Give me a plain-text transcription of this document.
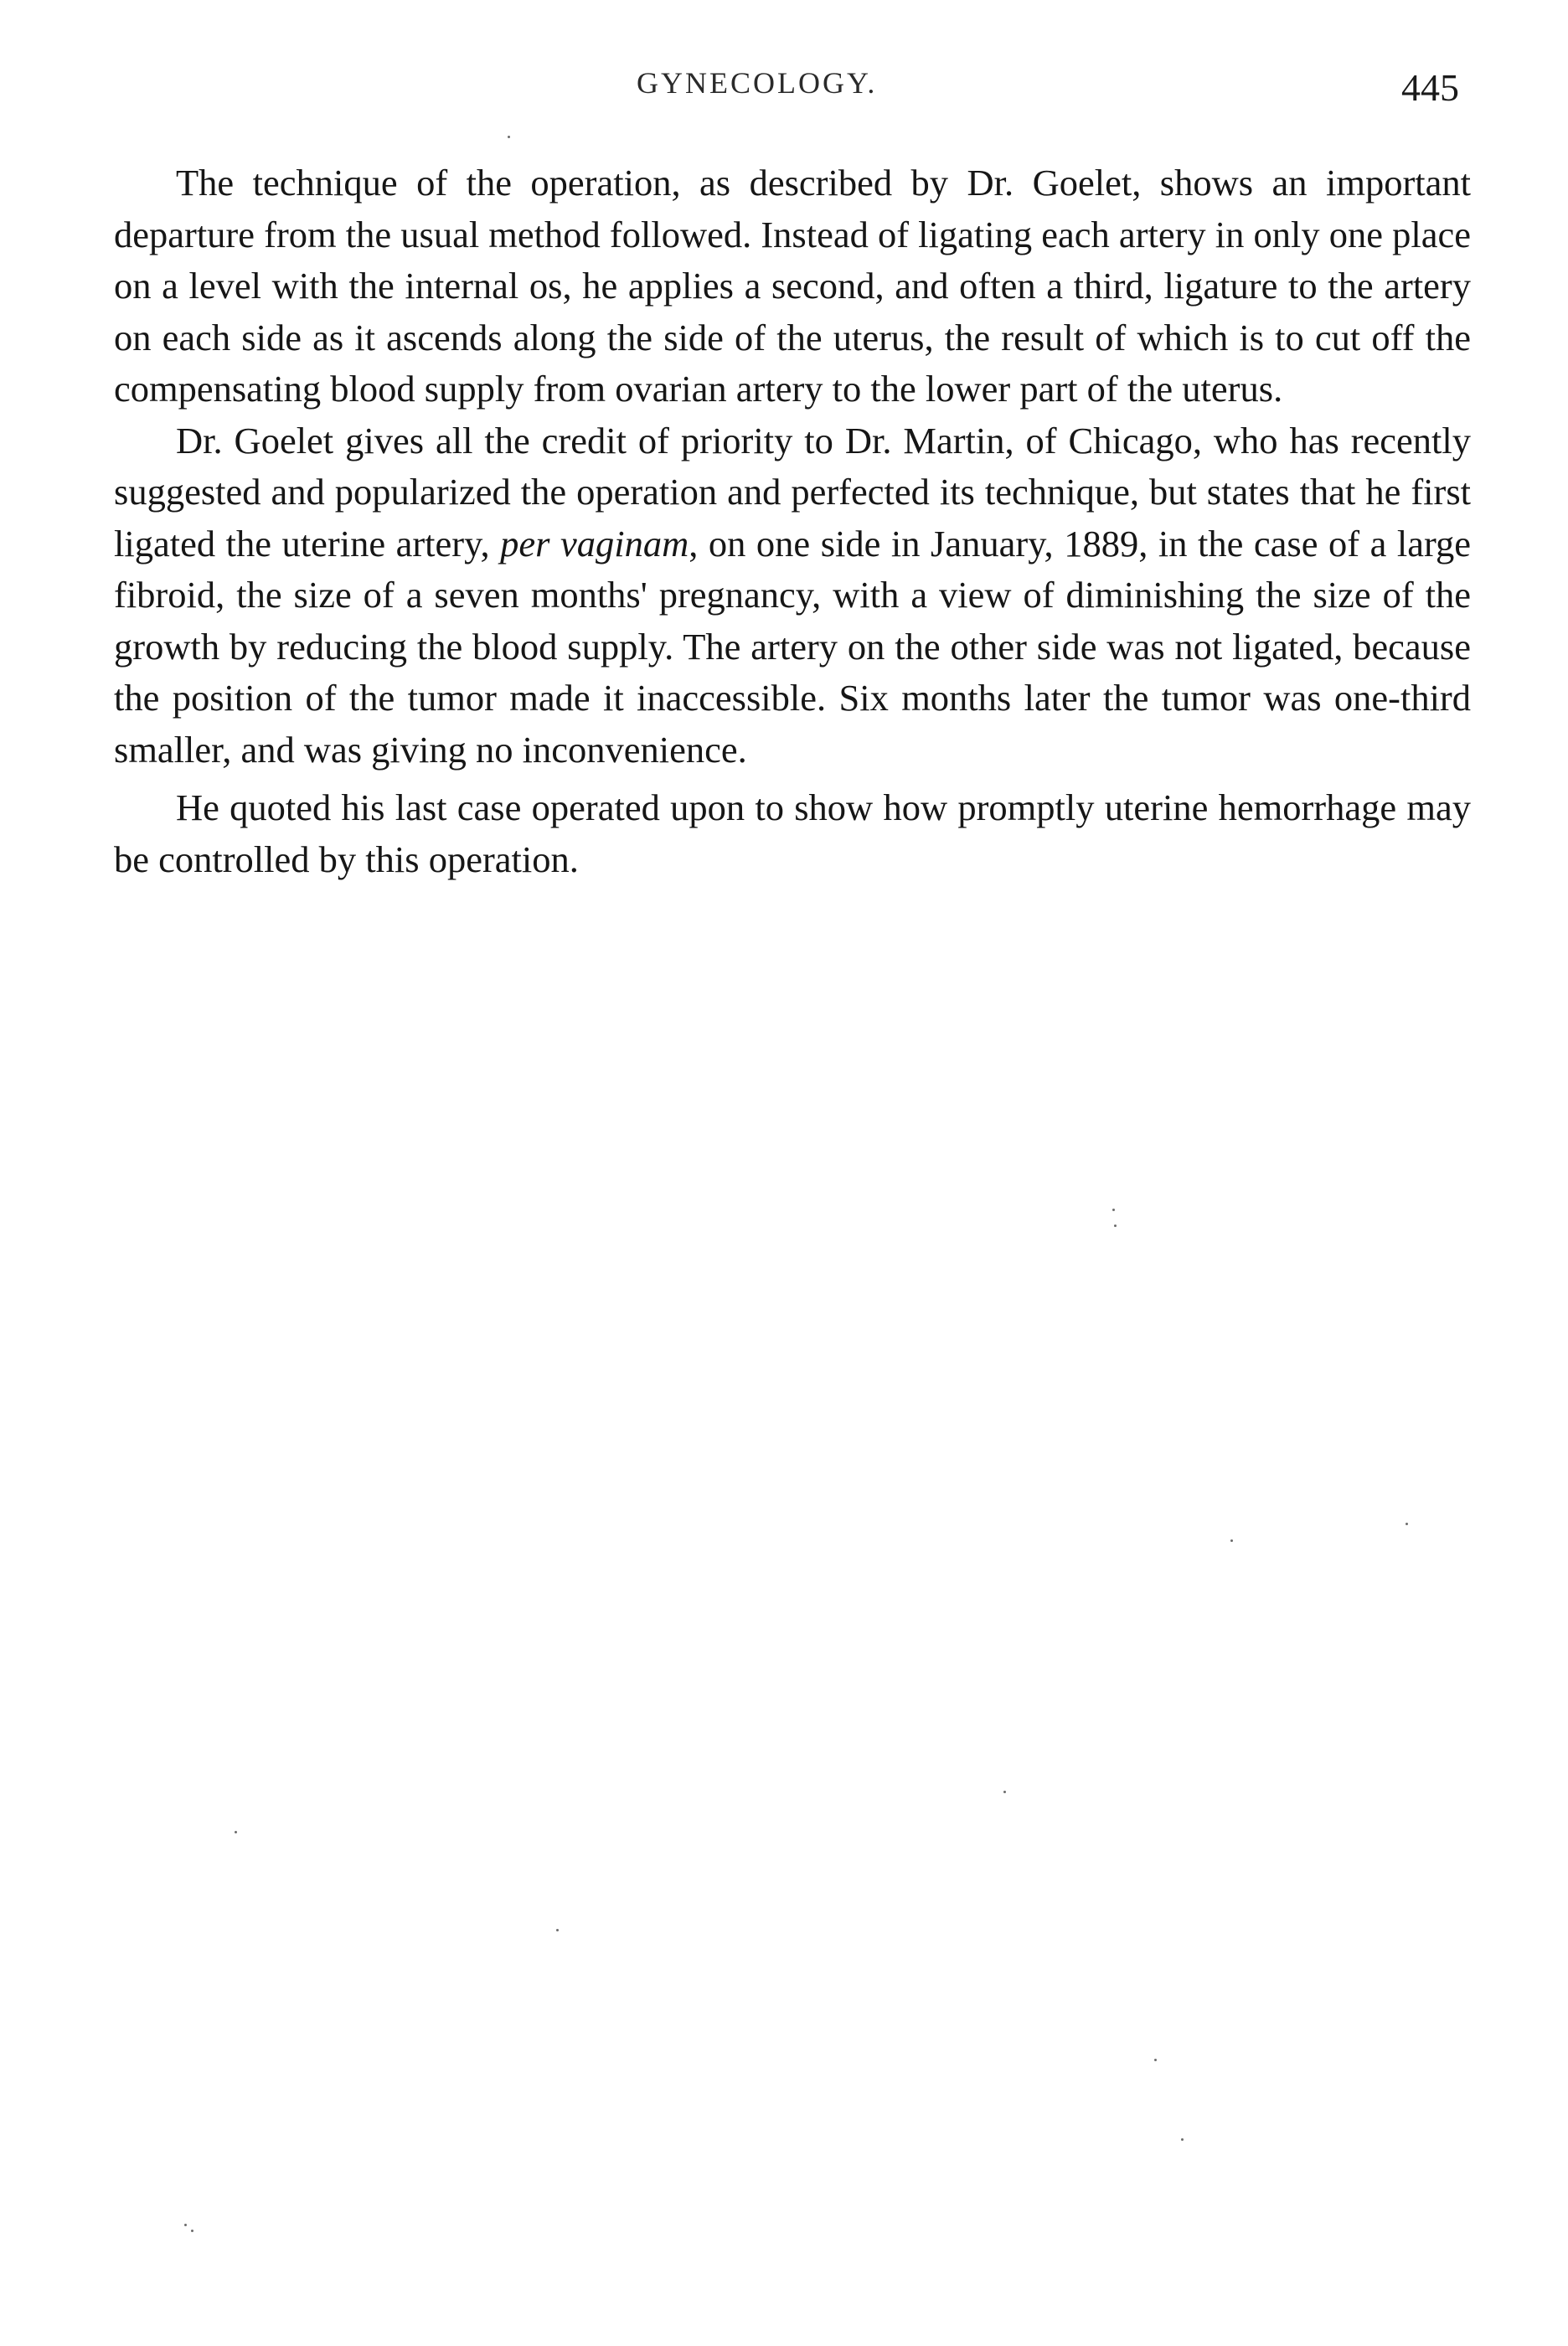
GYNECOLOGY.	445

The technique of the operation, as described by Dr. Goelet, shows an important departure from the usual method followed. Instead of ligating each artery in only one place on a level with the internal os, he applies a second, and often a third, ligature to the artery on each side as it ascends along the side of the uterus, the result of which is to cut off the compensating blood supply from ovarian artery to the lower part of the uterus.

Dr. Goelet gives all the credit of priority to Dr. Martin, of Chicago, who has recently suggested and popularized the operation and perfected its technique, but states that he first ligated the uterine artery, per vaginam, on one side in January, 1889, in the case of a large fibroid, the size of a seven months' pregnancy, with a view of diminishing the size of the growth by reducing the blood supply. The artery on the other side was not ligated, because the position of the tumor made it inaccessible. Six months later the tumor was one-third smaller, and was giving no inconvenience.

He quoted his last case operated upon to show how promptly uterine hemorrhage may be controlled by this operation.
